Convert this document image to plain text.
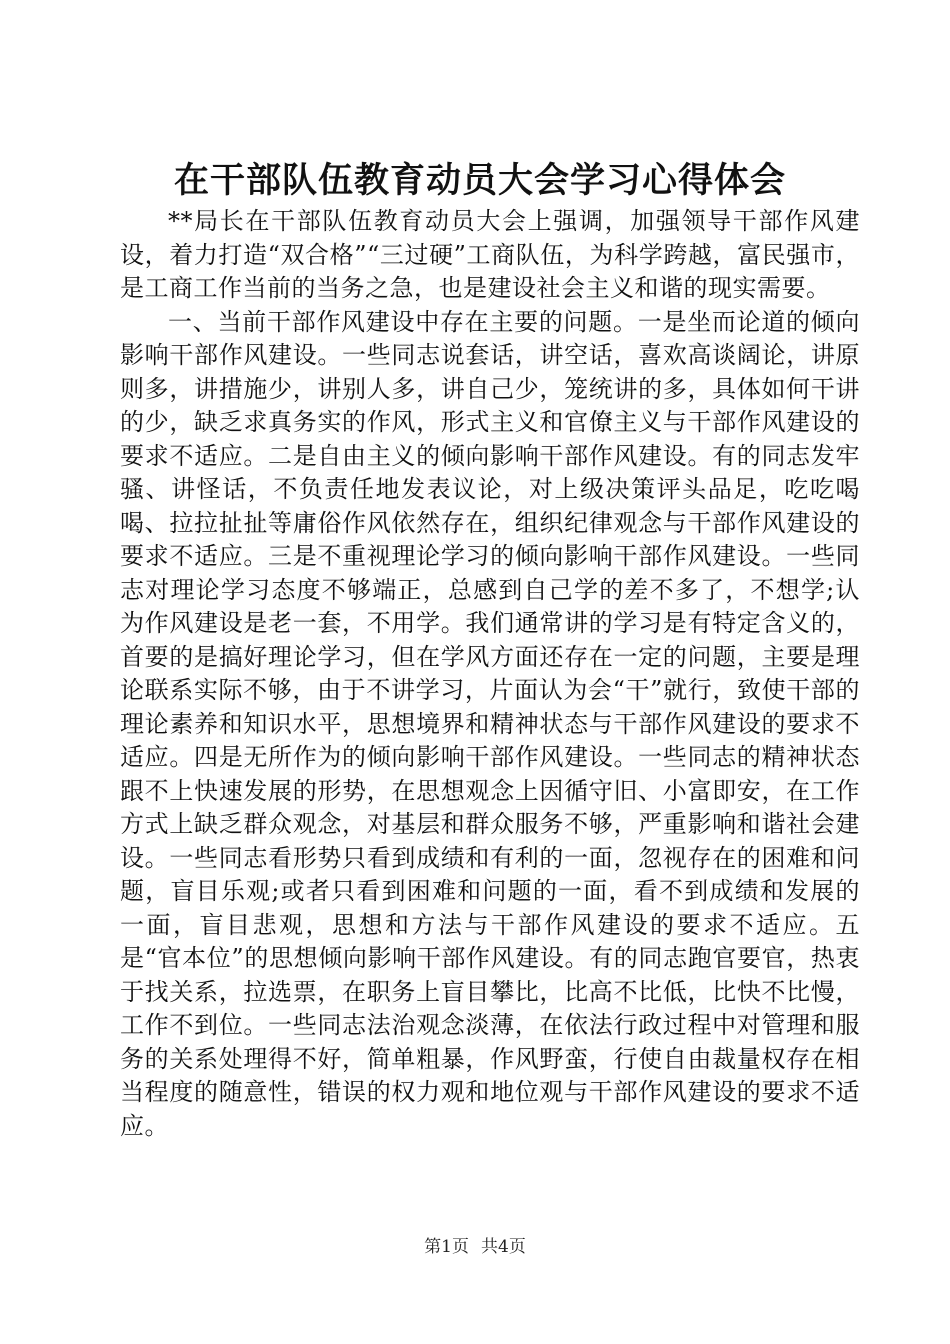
在干部队伍教育动员大会学习心得体会

**局长在干部队伍教育动员大会上强调，加强领导干部作风建设，着力打造“双合格”“三过硬”工商队伍，为科学跨越，富民强市，是工商工作当前的当务之急，也是建设社会主义和谐的现实需要。

一、当前干部作风建设中存在主要的问题。一是坐而论道的倾向影响干部作风建设。一些同志说套话，讲空话，喜欢高谈阔论，讲原则多，讲措施少，讲别人多，讲自己少，笼统讲的多，具体如何干讲的少，缺乏求真务实的作风，形式主义和官僚主义与干部作风建设的要求不适应。二是自由主义的倾向影响干部作风建设。有的同志发牢骚、讲怪话，不负责任地发表议论，对上级决策评头品足，吃吃喝喝、拉拉扯扯等庸俗作风依然存在，组织纪律观念与干部作风建设的要求不适应。三是不重视理论学习的倾向影响干部作风建设。一些同志对理论学习态度不够端正，总感到自己学的差不多了，不想学;认为作风建设是老一套，不用学。我们通常讲的学习是有特定含义的，首要的是搞好理论学习，但在学风方面还存在一定的问题，主要是理论联系实际不够，由于不讲学习，片面认为会“干”就行，致使干部的理论素养和知识水平，思想境界和精神状态与干部作风建设的要求不适应。四是无所作为的倾向影响干部作风建设。一些同志的精神状态跟不上快速发展的形势，在思想观念上因循守旧、小富即安，在工作方式上缺乏群众观念，对基层和群众服务不够，严重影响和谐社会建设。一些同志看形势只看到成绩和有利的一面，忽视存在的困难和问题，盲目乐观;或者只看到困难和问题的一面，看不到成绩和发展的一面，盲目悲观，思想和方法与干部作风建设的要求不适应。五是“官本位”的思想倾向影响干部作风建设。有的同志跑官要官，热衷于找关系，拉选票，在职务上盲目攀比，比高不比低，比快不比慢，工作不到位。一些同志法治观念淡薄，在依法行政过程中对管理和服务的关系处理得不好，简单粗暴，作风野蛮，行使自由裁量权存在相当程度的随意性，错误的权力观和地位观与干部作风建设的要求不适应。

第1页 共4页
